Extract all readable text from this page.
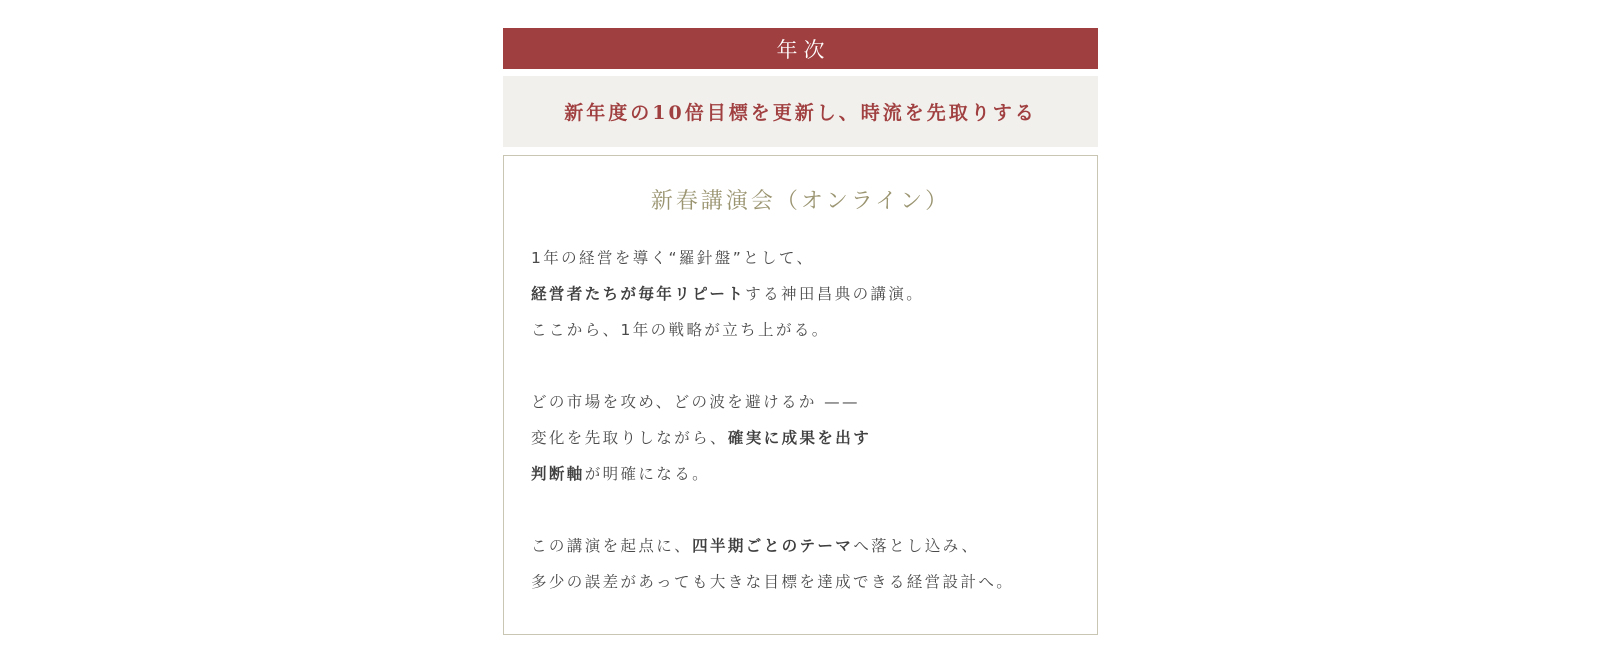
年次
新年度の10倍目標を更新し、時流を先取りする
新春講演会（オンライン）
1年の経営を導く“羅針盤”として、
経営者たちが毎年リピートする神田昌典の講演。
ここから、1年の戦略が立ち上がる。
どの市場を攻め、どの波を避けるか ——
変化を先取りしながら、確実に成果を出す
判断軸が明確になる。
この講演を起点に、四半期ごとのテーマへ落とし込み、
多少の誤差があっても大きな目標を達成できる経営設計へ。
